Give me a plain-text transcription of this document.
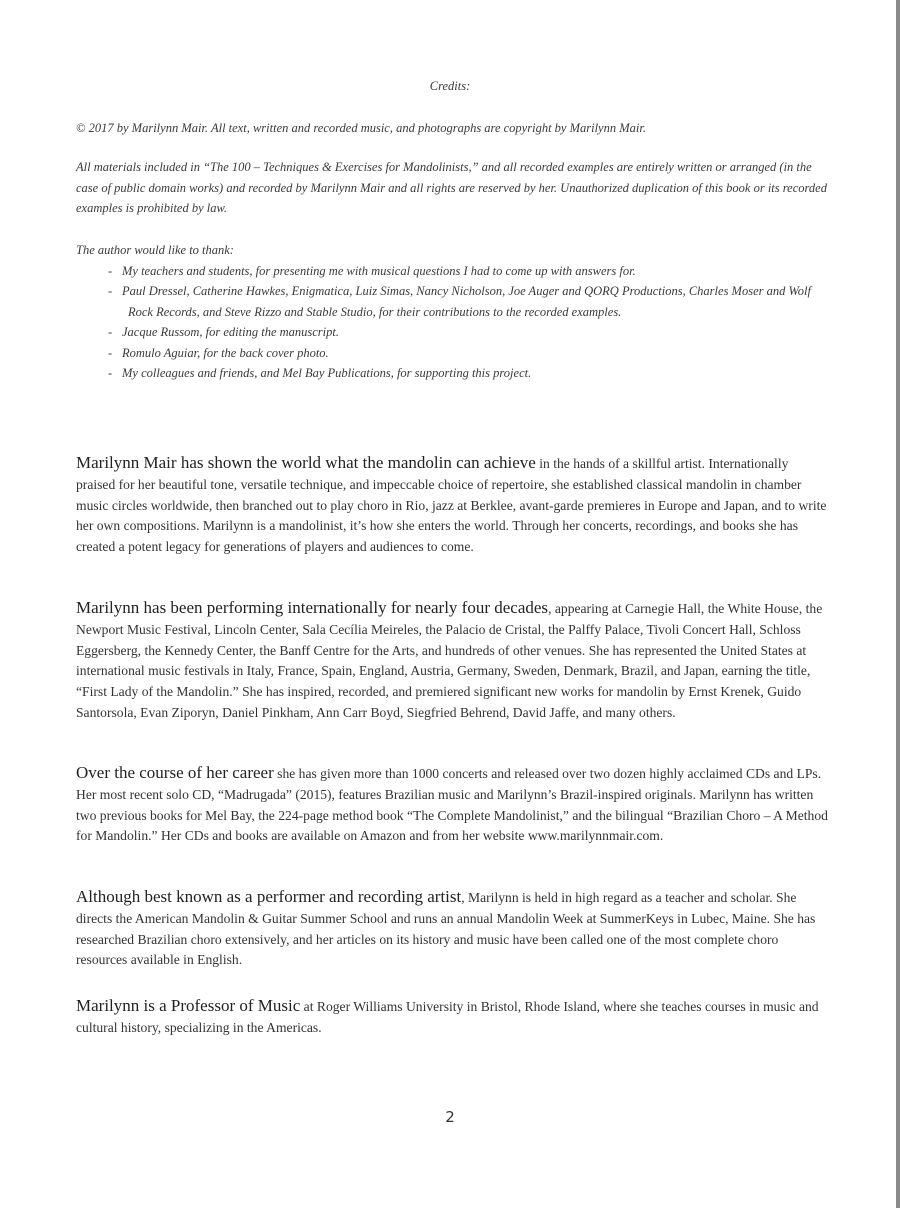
Credits:

© 2017 by Marilynn Mair. All text, written and recorded music, and photographs are copyright by Marilynn Mair.

All materials included in “The 100 – Techniques & Exercises for Mandolinists,” and all recorded examples are entirely written or arranged (in the case of public domain works) and recorded by Marilynn Mair and all rights are reserved by her. Unauthorized duplication of this book or its recorded examples is prohibited by law.

The author would like to thank:

- My teachers and students, for presenting me with musical questions I had to come up with answers for.
- Paul Dressel, Catherine Hawkes, Enigmatica, Luiz Simas, Nancy Nicholson, Joe Auger and QORQ Productions, Charles Moser and Wolf Rock Records, and Steve Rizzo and Stable Studio, for their contributions to the recorded examples.
- Jacque Russom, for editing the manuscript.
- Romulo Aguiar, for the back cover photo.
- My colleagues and friends, and Mel Bay Publications, for supporting this project.

Marilynn Mair has shown the world what the mandolin can achieve in the hands of a skillful artist. Internationally praised for her beautiful tone, versatile technique, and impeccable choice of repertoire, she established classical mandolin in chamber music circles worldwide, then branched out to play choro in Rio, jazz at Berklee, avant-garde premieres in Europe and Japan, and to write her own compositions. Marilynn is a mandolinist, it’s how she enters the world. Through her concerts, recordings, and books she has created a potent legacy for generations of players and audiences to come.

Marilynn has been performing internationally for nearly four decades, appearing at Carnegie Hall, the White House, the Newport Music Festival, Lincoln Center, Sala Cecília Meireles, the Palacio de Cristal, the Palffy Palace, Tivoli Concert Hall, Schloss Eggersberg, the Kennedy Center, the Banff Centre for the Arts, and hundreds of other venues. She has represented the United States at international music festivals in Italy, France, Spain, England, Austria, Germany, Sweden, Denmark, Brazil, and Japan, earning the title, “First Lady of the Mandolin.” She has inspired, recorded, and premiered significant new works for mandolin by Ernst Krenek, Guido Santorsola, Evan Ziporyn, Daniel Pinkham, Ann Carr Boyd, Siegfried Behrend, David Jaffe, and many others.

Over the course of her career she has given more than 1000 concerts and released over two dozen highly acclaimed CDs and LPs. Her most recent solo CD, “Madrugada” (2015), features Brazilian music and Marilynn’s Brazil-inspired originals. Marilynn has written two previous books for Mel Bay, the 224-page method book “The Complete Mandolinist,” and the bilingual “Brazilian Choro – A Method for Mandolin.” Her CDs and books are available on Amazon and from her website www.marilynnmair.com.

Although best known as a performer and recording artist, Marilynn is held in high regard as a teacher and scholar. She directs the American Mandolin & Guitar Summer School and runs an annual Mandolin Week at SummerKeys in Lubec, Maine. She has researched Brazilian choro extensively, and her articles on its history and music have been called one of the most complete choro resources available in English.

Marilynn is a Professor of Music at Roger Williams University in Bristol, Rhode Island, where she teaches courses in music and cultural history, specializing in the Americas.

2
